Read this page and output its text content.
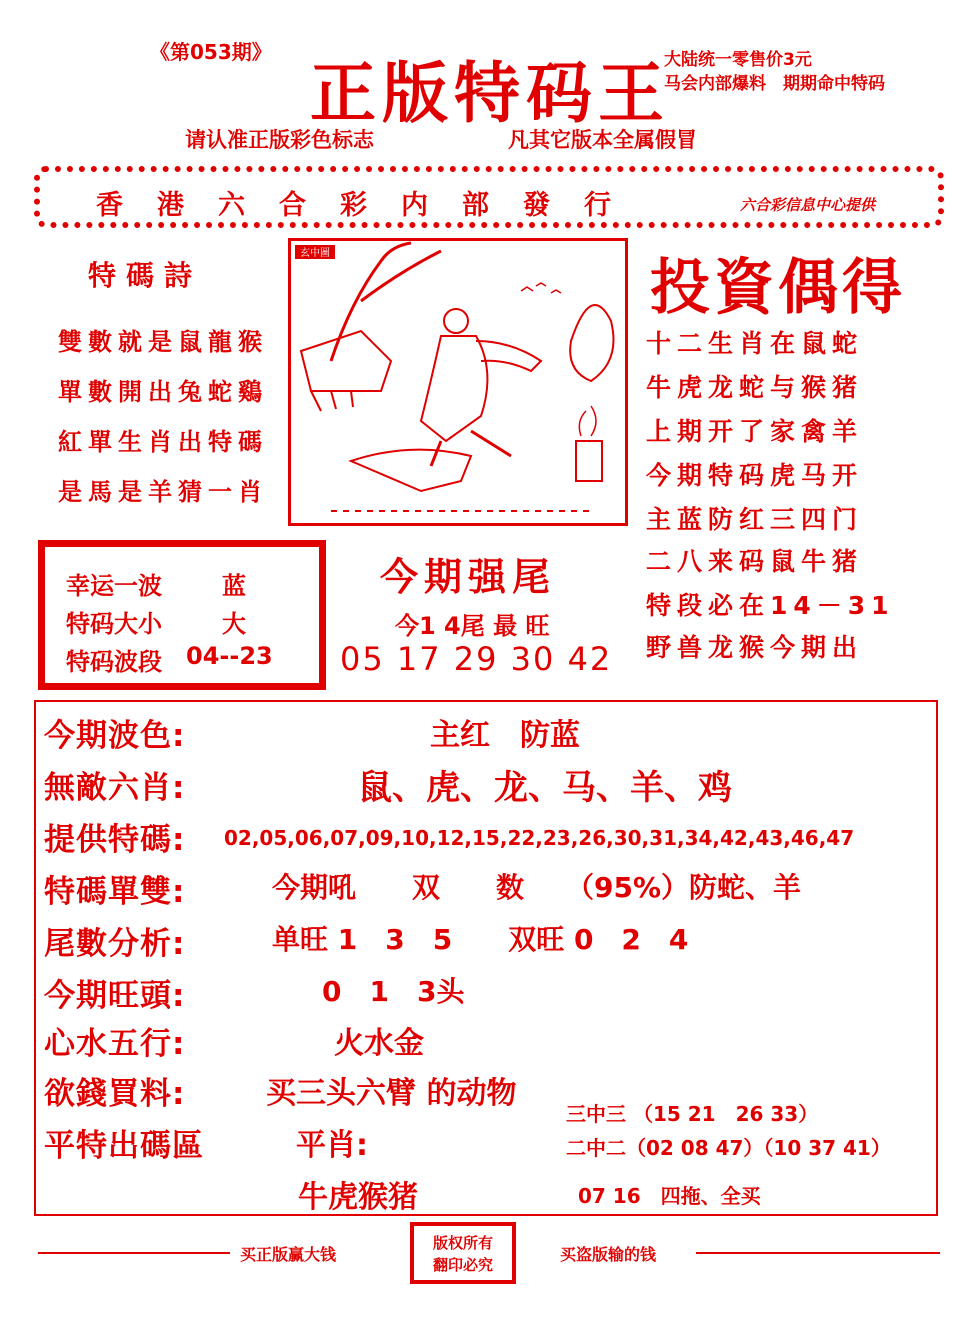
《第053期》
正版特码王
大陆统一零售价3元
马会内部爆料　期期命中特码
请认准正版彩色标志	凡其它版本全属假冒
香港六合彩内部發行	六合彩信息中心提供
特碼詩
雙數就是鼠龍猴
單數開出兔蛇鷄
紅單生肖出特碼
是馬是羊猜一肖
玄中圖	投資偶得
十二生肖在鼠蛇
牛虎龙蛇与猴猪
上期开了家禽羊
今期特码虎马开
主蓝防红三四门
二八来码鼠牛猪
特段必在14－31
野兽龙猴今期出
幸运一波	蓝
特码大小	大
特码波段 04--23
今期强尾
今1 4尾 最 旺
05 17 29 30 42
今期波色:	主红　防蓝
無敵六肖:	鼠、虎、龙、马、羊、鸡
提供特碼: 02,05,06,07,09,10,12,15,22,23,26,30,31,34,42,43,46,47
特碼單雙:	今期吼　　双　　数　　（95%）防蛇、羊
尾數分析:	单旺 1　3　5　　双旺 0　2　4
今期旺頭:	0　1　3头
心水五行:	火水金
欲錢買料:	买三头六臂 的动物
平特出碼區	平肖:
牛虎猴猪
三中三 （15 21　26 33）
二中二（02 08 47）（10 37 41）
07 16　四拖、全买
买正版赢大钱
版权所有
翻印必究
买盗版输的钱
